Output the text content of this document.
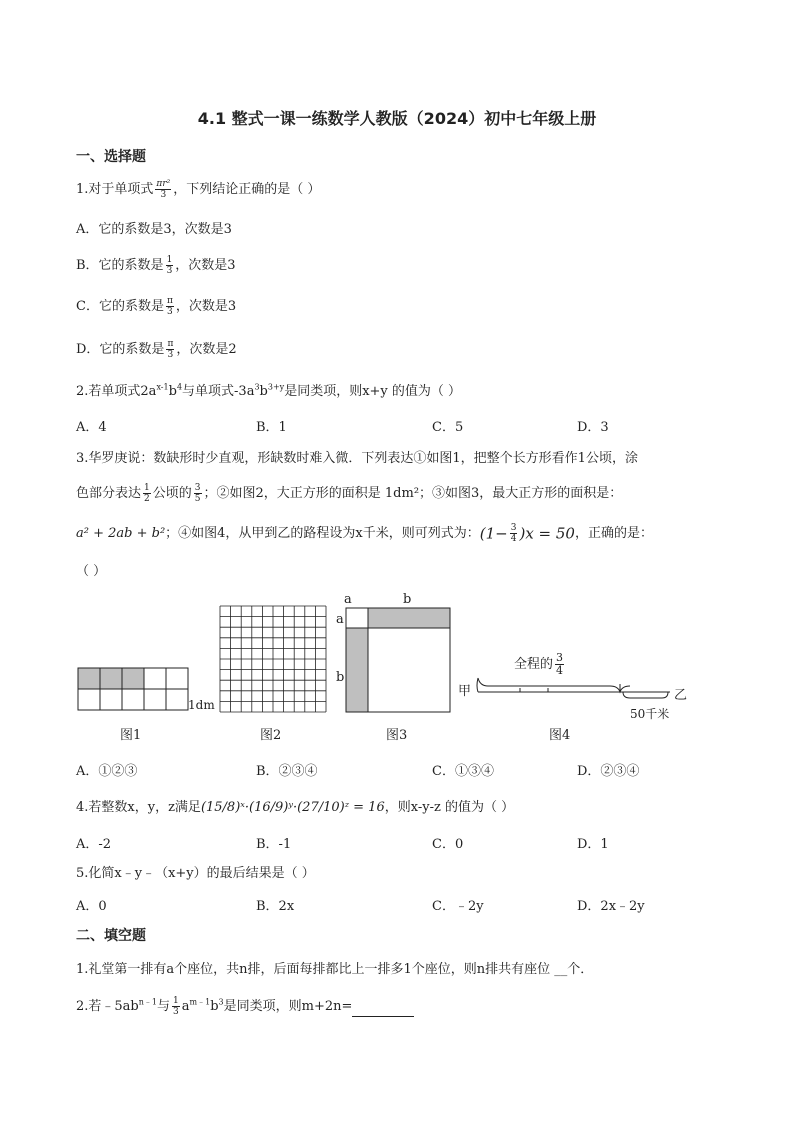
4.1 整式一课一练数学人教版（2024）初中七年级上册
一、选择题
1.对于单项式 $\frac{\text{πr²}}{3}$ ，下列结论正确的是（ ）
A．它的系数是3，次数是3
B．它的系数是 $\frac{1}{3}$ ，次数是3
C．它的系数是 $\frac{\pi}{3}$ ，次数是3
D．它的系数是 $\frac{\pi}{3}$ ，次数是2
2.若单项式$2a^{x-1}b^4$与单项式$-3a^3b^{3+y}$是同类项，则x+y 的值为（ ）
A．4	B．1	C．5	D．3
3.华罗庚说：数缺形时少直观，形缺数时难入微．下列表达①如图1，把整个长方形看作1公顷，涂
色部分表达 $\frac{1}{2}$ 公顷的 $\frac{3}{5}$ ；②如图2，大正方形的面积是 1dm²；③如图3，最大正方形的面积是：
a² + 2ab + b²；④如图4，从甲到乙的路程设为x千米，则可列式为：$(1- \frac{3}{4} )x = 50$，正确的是：
（ ）
a	b
a
b
1dm
全程的 $\frac{3}{4}$
甲	乙
50千米
图1	图2	图3	图4
A．①②③	B．②③④	C．①③④	D．②③④
4.若整数x，y，z满足(15/8)ˣ·(16/9)ʸ·(27/10)ᶻ = 16，则x-y-z 的值为（ ）
A．-2	B．-1	C．0	D．1
5.化简x﹣y﹣（x+y）的最后结果是（ ）
A．0	B．2x	C．﹣2y	D．2x﹣2y
二、填空题
1.礼堂第一排有a个座位，共n排，后面每排都比上一排多1个座位，则n排共有座位 __个．
2.若$﹣5ab^{n﹣1}$与 $\frac{1}{3} a^{m﹣1}b^3$是同类项，则m+2n=
